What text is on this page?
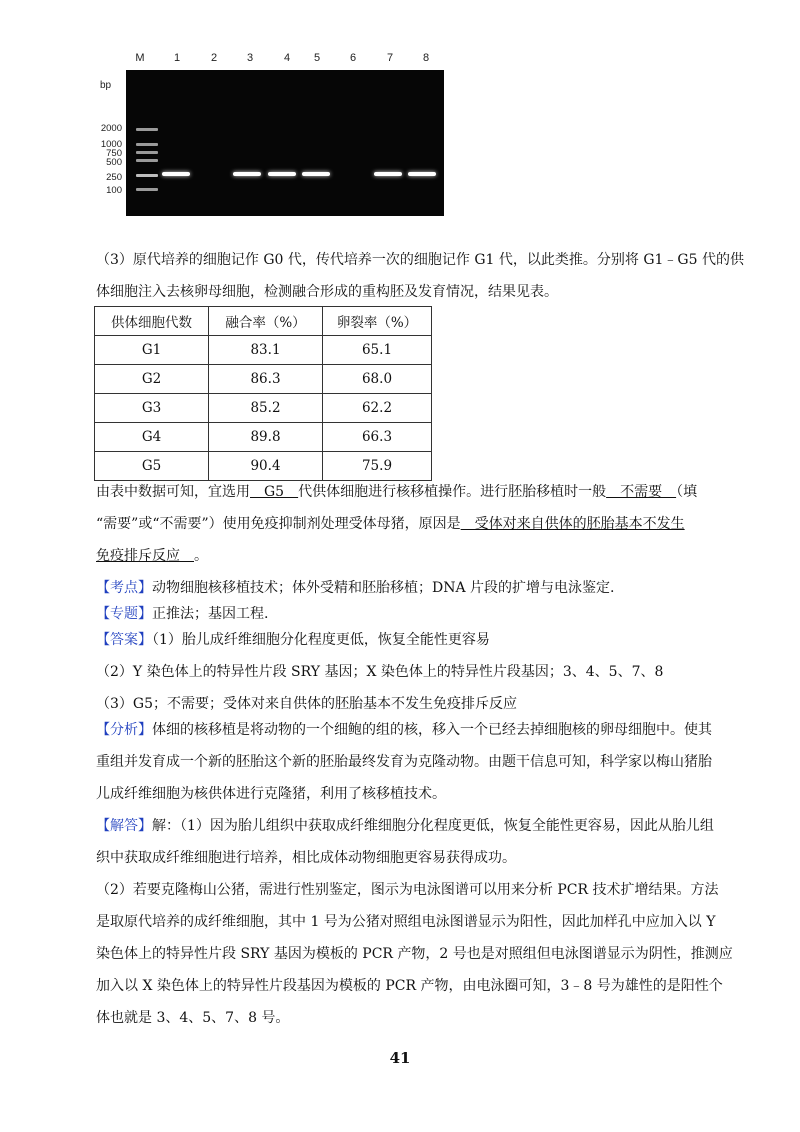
M	1	2	3	4	5	6	7	8
bp
2000
1000
750
500
250
100
（3）原代培养的细胞记作 G0 代，传代培养一次的细胞记作 G1 代，以此类推。分别将 G1﹣G5 代的供
体细胞注入去核卵母细胞，检测融合形成的重构胚及发育情况，结果见表。
供体细胞代数	融合率（%）	卵裂率（%）
G1	83.1	65.1
G2	86.3	68.0
G3	85.2	62.2
G4	89.8	66.3
G5	90.4	75.9
由表中数据可知，宜选用　G5　代供体细胞进行核移植操作。进行胚胎移植时一般　不需要　（填
“需要”或“不需要”）使用免疫抑制剂处理受体母猪，原因是　受体对来自供体的胚胎基本不发生
免疫排斥反应　。
【考点】动物细胞核移植技术；体外受精和胚胎移植；DNA 片段的扩增与电泳鉴定.
【专题】正推法；基因工程.
【答案】（1）胎儿成纤维细胞分化程度更低，恢复全能性更容易
（2）Y 染色体上的特异性片段 SRY 基因；X 染色体上的特异性片段基因；3、4、5、7、8
（3）G5；不需要；受体对来自供体的胚胎基本不发生免疫排斥反应
【分析】体细的核移植是将动物的一个细鲍的组的核，移入一个已经去掉细胞核的卵母细胞中。使其
重组并发育成一个新的胚胎这个新的胚胎最终发育为克隆动物。由题干信息可知，科学家以梅山猪胎
儿成纤维细胞为核供体进行克隆猪，利用了核移植技术。
【解答】解：（1）因为胎儿组织中获取成纤维细胞分化程度更低，恢复全能性更容易，因此从胎儿组
织中获取成纤维细胞进行培养，相比成体动物细胞更容易获得成功。
（2）若要克隆梅山公猪，需进行性别鉴定，图示为电泳图谱可以用来分析 PCR 技术扩增结果。方法
是取原代培养的成纤维细胞，其中 1 号为公猪对照组电泳图谱显示为阳性，因此加样孔中应加入以 Y
染色体上的特异性片段 SRY 基因为模板的 PCR 产物，2 号也是对照组但电泳图谱显示为阴性，推测应
加入以 X 染色体上的特异性片段基因为模板的 PCR 产物，由电泳圈可知，3﹣8 号为雄性的是阳性个
体也就是 3、4、5、7、8 号。
41
